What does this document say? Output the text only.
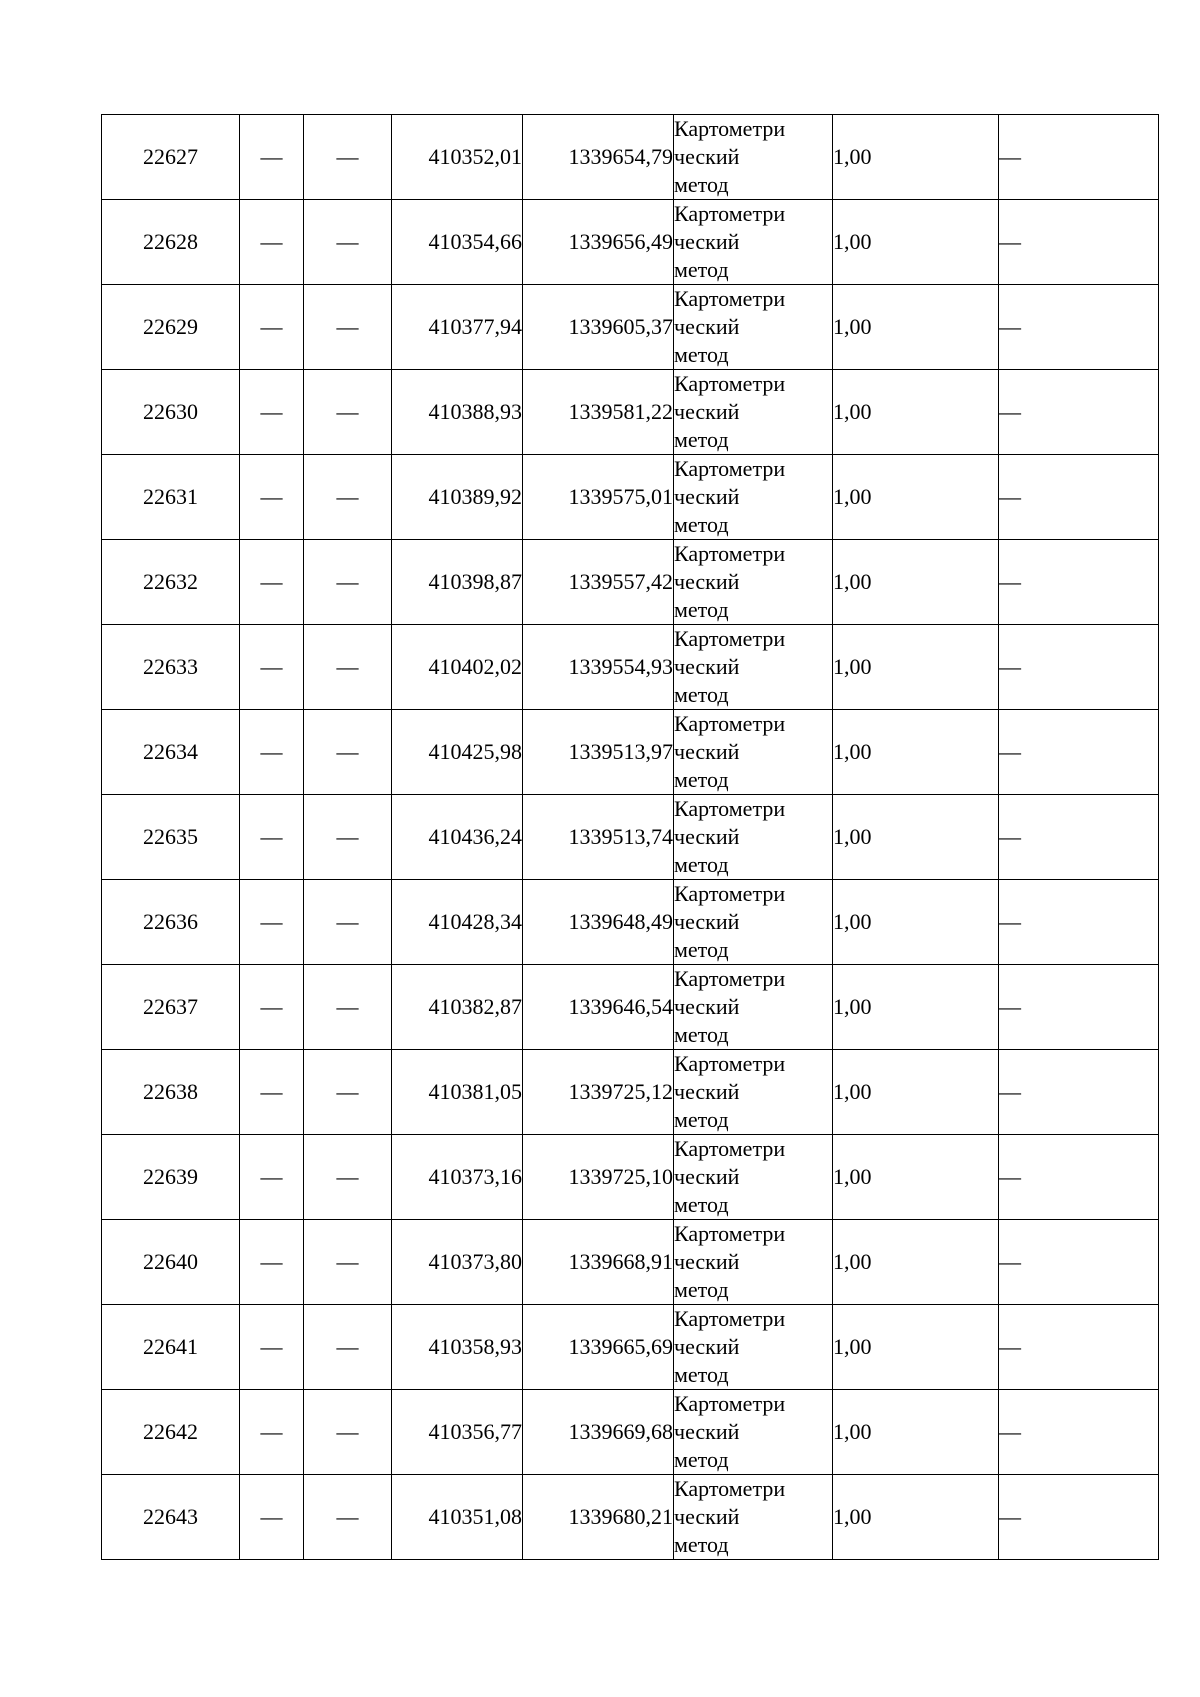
22627	—	—	410352,01	1339654,79	Картометри
ческий
метод	1,00	—
22628	—	—	410354,66	1339656,49	Картометри
ческий
метод	1,00	—
22629	—	—	410377,94	1339605,37	Картометри
ческий
метод	1,00	—
22630	—	—	410388,93	1339581,22	Картометри
ческий
метод	1,00	—
22631	—	—	410389,92	1339575,01	Картометри
ческий
метод	1,00	—
22632	—	—	410398,87	1339557,42	Картометри
ческий
метод	1,00	—
22633	—	—	410402,02	1339554,93	Картометри
ческий
метод	1,00	—
22634	—	—	410425,98	1339513,97	Картометри
ческий
метод	1,00	—
22635	—	—	410436,24	1339513,74	Картометри
ческий
метод	1,00	—
22636	—	—	410428,34	1339648,49	Картометри
ческий
метод	1,00	—
22637	—	—	410382,87	1339646,54	Картометри
ческий
метод	1,00	—
22638	—	—	410381,05	1339725,12	Картометри
ческий
метод	1,00	—
22639	—	—	410373,16	1339725,10	Картометри
ческий
метод	1,00	—
22640	—	—	410373,80	1339668,91	Картометри
ческий
метод	1,00	—
22641	—	—	410358,93	1339665,69	Картометри
ческий
метод	1,00	—
22642	—	—	410356,77	1339669,68	Картометри
ческий
метод	1,00	—
22643	—	—	410351,08	1339680,21	Картометри
ческий
метод	1,00	—
